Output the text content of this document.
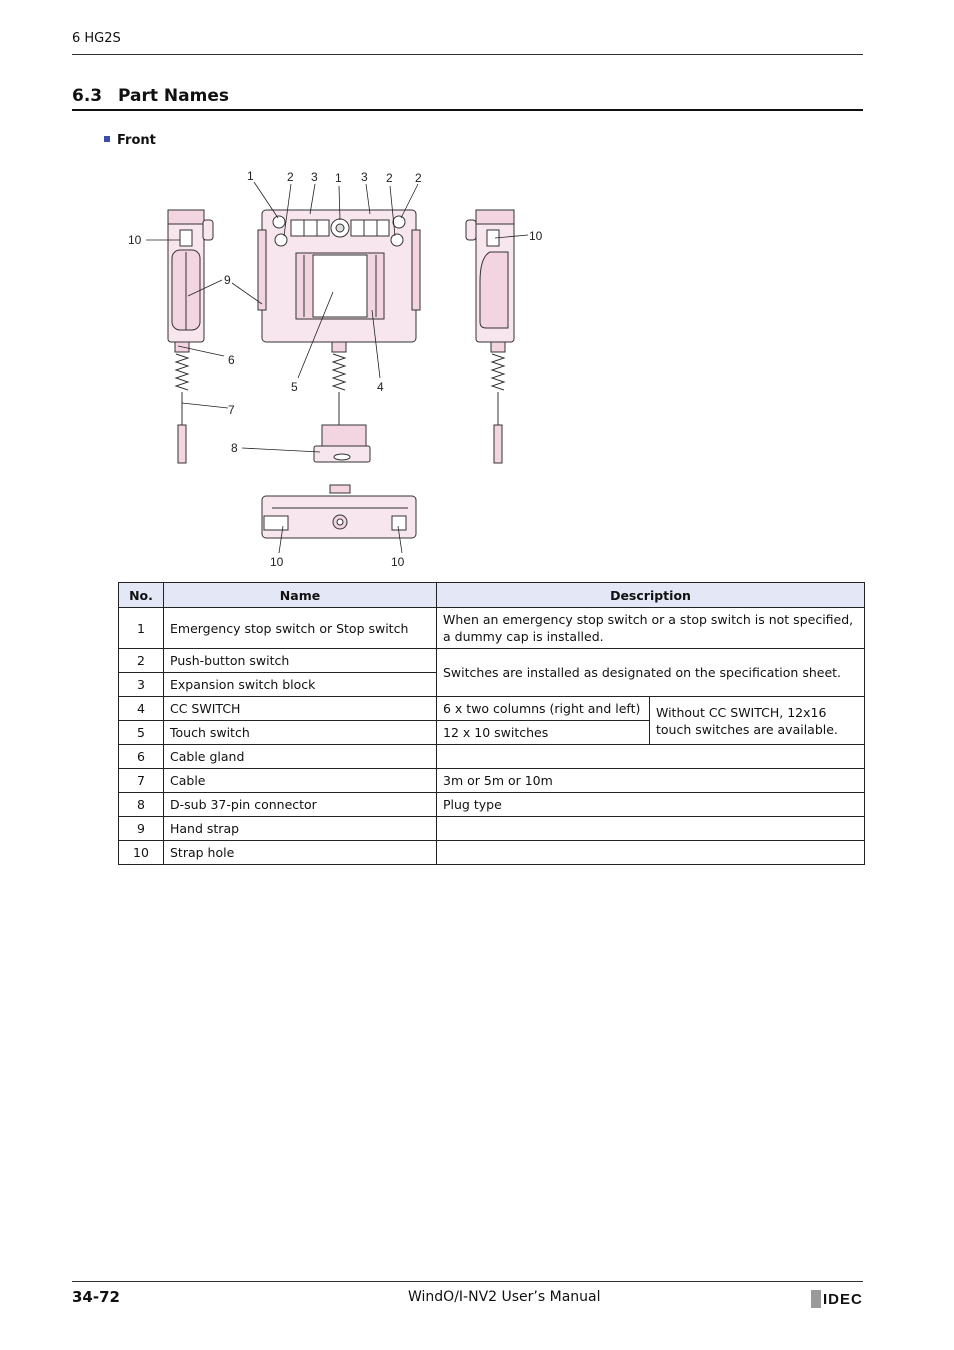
6 HG2S
6.3 Part Names
Front
1	2 3 1 3 2 2
10
9
6
7
8
5	4
10
10	10
No.	Name	Description	
1	Emergency stop switch or Stop switch	When an emergency stop switch or a stop switch is not specified, a dummy cap is installed.	
2	Push-button switch	Switches are installed as designated on the specification sheet.	
3	Expansion switch block		
4	CC SWITCH	6 x two columns (right and left)	Without CC SWITCH, 12x16 touch switches are available.
5	Touch switch	12 x 10 switches	
6	Cable gland		
7	Cable	3m or 5m or 10m	
8	D-sub 37-pin connector	Plug type	
9	Hand strap		
10	Strap hole		
34-72	WindO/I-NV2 User’s Manual	IDEC
